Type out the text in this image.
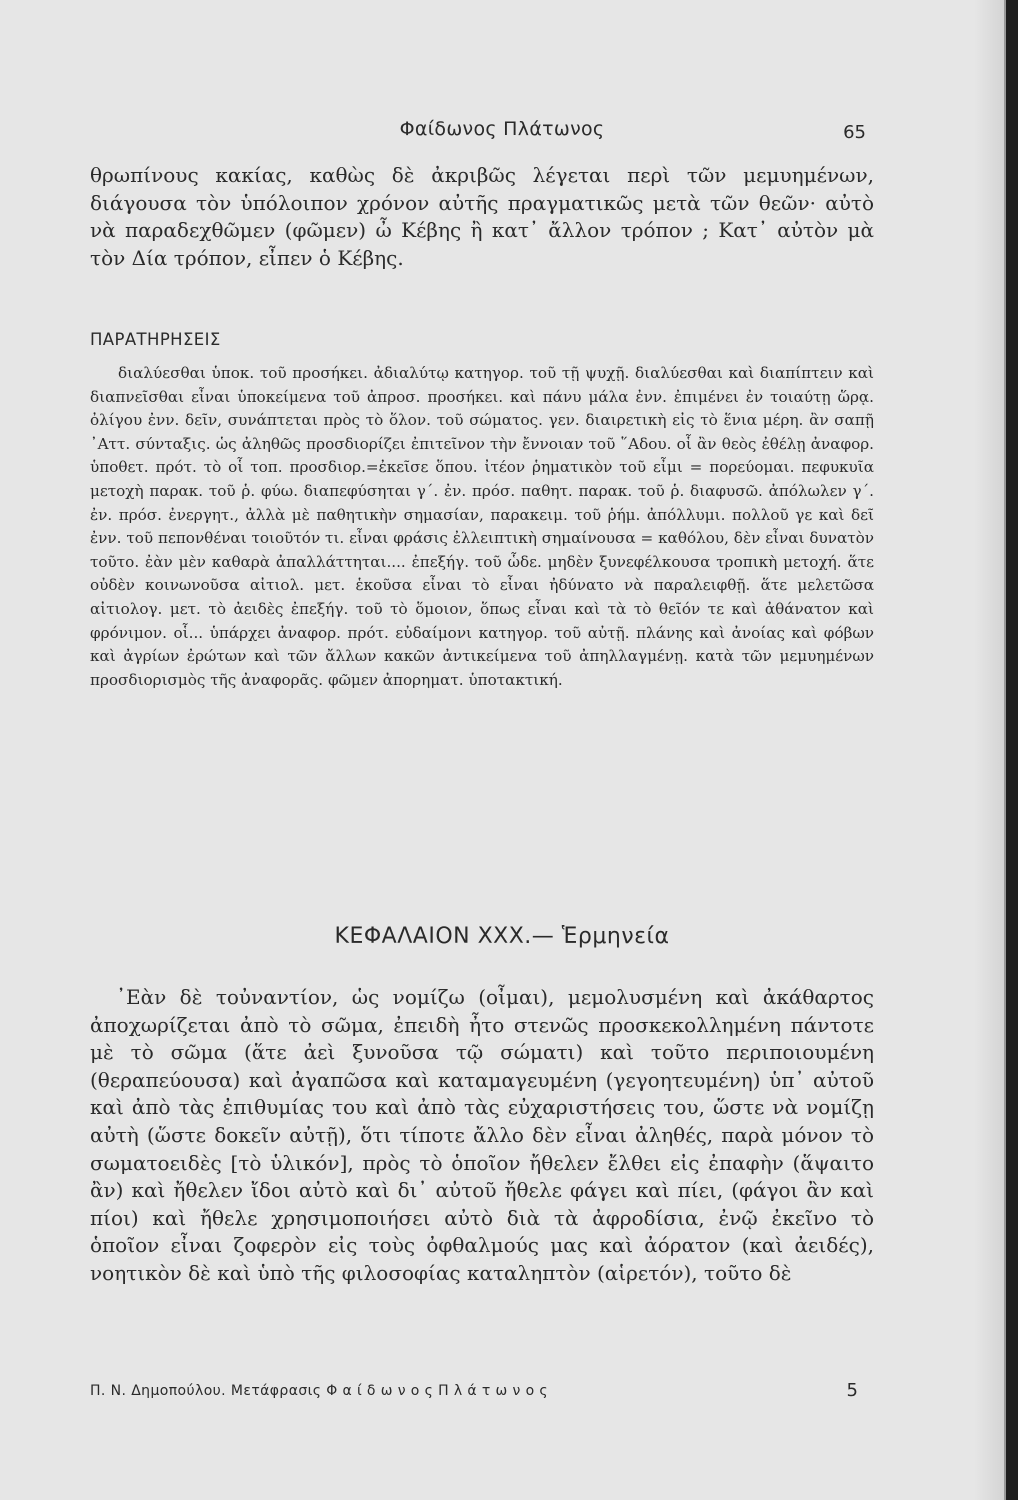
Φαίδωνος Πλάτωνος	65

θρωπίνους κακίας, καθὼς δὲ ἀκριβῶς λέγεται περὶ τῶν μεμυημένων, διάγουσα τὸν ὑπόλοιπον χρόνον αὐτῆς πραγματικῶς μετὰ τῶν θεῶν· αὐτὸ νὰ παραδεχθῶμεν (φῶμεν) ὦ Κέβης ἢ κατ᾽ ἄλλον τρόπον ; Κατ᾽ αὐτὸν μὰ τὸν Δία τρόπον, εἶπεν ὁ Κέβης.

ΠΑΡΑΤΗΡΗΣΕΙΣ

διαλύεσθαι ὑποκ. τοῦ προσήκει. ἀδιαλύτῳ κατηγορ. τοῦ τῇ ψυχῇ. διαλύεσθαι καὶ διαπίπτειν καὶ διαπνεῖσθαι εἶναι ὑποκείμενα τοῦ ἀπροσ. προσήκει. καὶ πάνυ μάλα ἐνν. ἐπιμένει ἐν τοιαύτῃ ὥρᾳ. ὀλίγου ἐνν. δεῖν, συνάπτεται πρὸς τὸ ὅλον. τοῦ σώματος. γεν. διαιρετικὴ εἰς τὸ ἕνια μέρη. ἂν σαπῇ ᾿Αττ. σύνταξις. ὡς ἀληθῶς προσδιορίζει ἐπιτεῖνον τὴν ἔννοιαν τοῦ ῞Αδου. οἷ ἂν θεὸς ἐθέλῃ ἀναφορ. ὑποθετ. πρότ. τὸ οἷ τοπ. προσδιορ.=ἐκεῖσε ὅπου. ἰτέον ῥηματικὸν τοῦ εἶμι = πορεύομαι. πεφυκυῖα μετοχὴ παρακ. τοῦ ῥ. φύω. διαπεφύσηται γ΄. ἐν. πρόσ. παθητ. παρακ. τοῦ ῥ. διαφυσῶ. ἀπόλωλεν γ΄. ἐν. πρόσ. ἐνεργητ., ἀλλὰ μὲ παθητικὴν σημασίαν, παρακειμ. τοῦ ῥήμ. ἀπόλλυμι. πολλοῦ γε καὶ δεῖ ἐνν. τοῦ πεπονθέναι τοιοῦτόν τι. εἶναι φράσις ἐλλειπτικὴ σημαίνουσα = καθόλου, δὲν εἶναι δυνατὸν τοῦτο. ἐὰν μὲν καθαρὰ ἀπαλλάττηται.... ἐπεξήγ. τοῦ ὧδε. μηδὲν ξυνεφέλκουσα τροπικὴ μετοχή. ἅτε οὐδὲν κοινωνοῦσα αἰτιολ. μετ. ἑκοῦσα εἶναι τὸ εἶναι ἠδύνατο νὰ παραλειφθῇ. ἅτε μελετῶσα αἰτιολογ. μετ. τὸ ἀειδὲς ἐπεξήγ. τοῦ τὸ ὅμοιον, ὅπως εἶναι καὶ τὰ τὸ θεῖόν τε καὶ ἀθάνατον καὶ φρόνιμον. οἷ... ὑπάρχει ἀναφορ. πρότ. εὐδαίμονι κατηγορ. τοῦ αὐτῇ. πλάνης καὶ ἀνοίας καὶ φόβων καὶ ἀγρίων ἐρώτων καὶ τῶν ἄλλων κακῶν ἀντικείμενα τοῦ ἀπηλλαγμένῃ. κατὰ τῶν μεμυημένων προσδιορισμὸς τῆς ἀναφορᾶς. φῶμεν ἀπορηματ. ὑποτακτική.

ΚΕΦΑΛΑΙΟΝ ΧΧΧ.— Ἑρμηνεία

᾿Εὰν δὲ τοὐναντίον, ὡς νομίζω (οἶμαι), μεμολυσμένη καὶ ἀκάθαρτος ἀποχωρίζεται ἀπὸ τὸ σῶμα, ἐπειδὴ ἦτο στενῶς προσκεκολλημένη πάντοτε μὲ τὸ σῶμα (ἅτε ἀεὶ ξυνοῦσα τῷ σώματι) καὶ τοῦτο περιποιουμένη (θεραπεύουσα) καὶ ἀγαπῶσα καὶ καταμαγευμένη (γεγοητευμένη) ὑπ᾽ αὐτοῦ καὶ ἀπὸ τὰς ἐπιθυμίας του καὶ ἀπὸ τὰς εὐχαριστήσεις του, ὥστε νὰ νομίζῃ αὐτὴ (ὥστε δοκεῖν αὐτῇ), ὅτι τίποτε ἄλλο δὲν εἶναι ἀληθές, παρὰ μόνον τὸ σωματοειδὲς [τὸ ὑλικόν], πρὸς τὸ ὁποῖον ἤθελεν ἔλθει εἰς ἐπαφὴν (ἅψαιτο ἂν) καὶ ἤθελεν ἴδοι αὐτὸ καὶ δι᾽ αὐτοῦ ἤθελε φάγει καὶ πίει, (φάγοι ἂν καὶ πίοι) καὶ ἤθελε χρησιμοποιήσει αὐτὸ διὰ τὰ ἀφροδίσια, ἐνῷ ἐκεῖνο τὸ ὁποῖον εἶναι ζοφερὸν εἰς τοὺς ὀφθαλμούς μας καὶ ἀόρατον (καὶ ἀειδές), νοητικὸν δὲ καὶ ὑπὸ τῆς φιλοσοφίας καταληπτὸν (αἱρετόν), τοῦτο δὲ

Π. Ν. Δημοπούλου. Μετάφρασις Φ α ί δ ω ν ο ς Π λ ά τ ω ν ο ς	5
